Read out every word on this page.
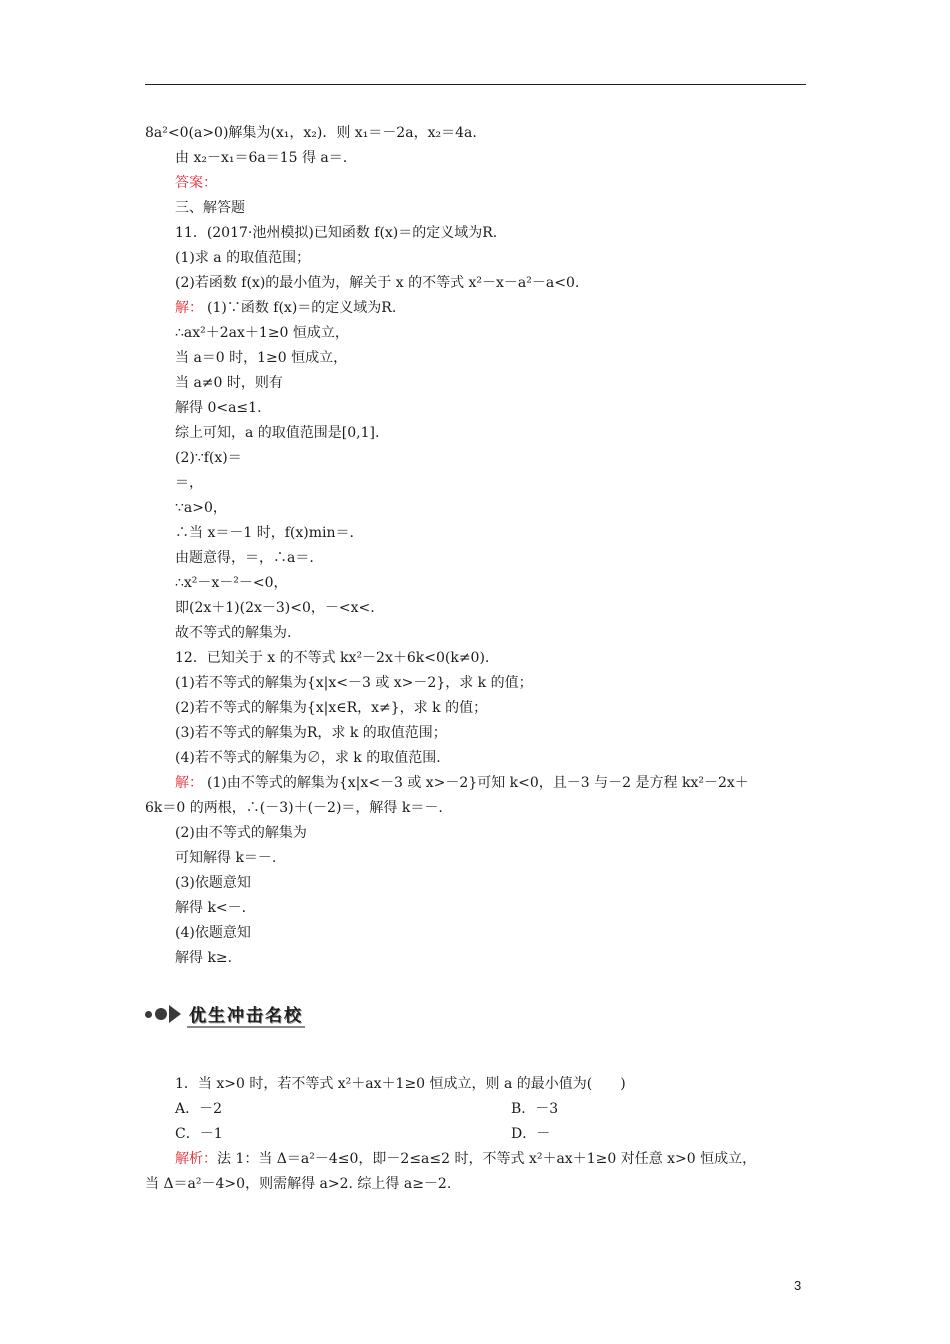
8a²<0(a>0)解集为(x₁，x₂)．则 x₁＝－2a，x₂＝4a.
由 x₂－x₁＝6a＝15 得 a＝.
答案：
三、解答题
11．(2017·池州模拟)已知函数 f(x)＝的定义域为R.
(1)求 a 的取值范围；
(2)若函数 f(x)的最小值为，解关于 x 的不等式 x²－x－a²－a<0.
解： (1)∵函数 f(x)＝的定义域为R.
∴ax²＋2ax＋1≥0 恒成立，
当 a＝0 时，1≥0 恒成立，
当 a≠0 时，则有
解得 0<a≤1.
综上可知，a 的取值范围是[0,1].
(2)∵f(x)＝
＝，
∵a>0，
∴当 x＝－1 时，f(x)min＝.
由题意得，＝，∴a＝.
∴x²－x－²－<0，
即(2x＋1)(2x－3)<0，－<x<.
故不等式的解集为.
12．已知关于 x 的不等式 kx²－2x＋6k<0(k≠0).
(1)若不等式的解集为{x|x<－3 或 x>－2}，求 k 的值；
(2)若不等式的解集为{x|x∈R，x≠}，求 k 的值；
(3)若不等式的解集为R，求 k 的取值范围；
(4)若不等式的解集为∅，求 k 的取值范围.
解： (1)由不等式的解集为{x|x<－3 或 x>－2}可知 k<0，且－3 与－2 是方程 kx²－2x＋
6k＝0 的两根，∴(－3)＋(－2)＝，解得 k＝－.
(2)由不等式的解集为
可知解得 k＝－.
(3)依题意知
解得 k<－.
(4)依题意知
解得 k≥.
1．当 x>0 时，若不等式 x²＋ax＋1≥0 恒成立，则 a 的最小值为(　　)
A．－2	B．－3
C．－1	D．－
解析： 法 1：当 Δ＝a²－4≤0，即－2≤a≤2 时，不等式 x²＋ax＋1≥0 对任意 x>0 恒成立，
当 Δ＝a²－4>0，则需解得 a>2. 综上得 a≥－2.
优生冲击名校
3
